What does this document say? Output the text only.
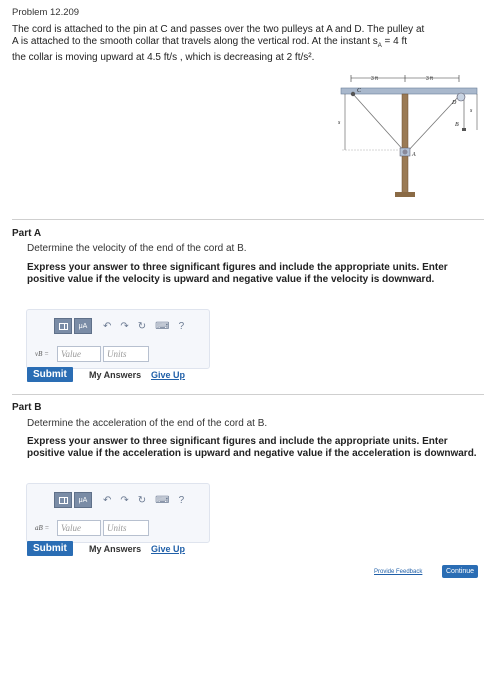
Problem 12.209
The cord is attached to the pin at C and passes over the two pulleys at A and D. The pulley at
A is attached to the smooth collar that travels along the vertical rod. At the instant $s_A = 4$ ft
the collar is moving upward at 4.5 ft/s , which is decreasing at 2 ft/s².
3 ft	3 ft
C
D
A
B
s
s
Part A
Determine the velocity of the end of the cord at B.
Express your answer to three significant figures and include the appropriate units. Enter positive value if the velocity is upward and negative value if the velocity is downward.
μA	↶ ↷ ↻ ⌨ ?
vB =	Value	Units
Submit	My Answers Give Up
Part B
Determine the acceleration of the end of the cord at B.
Express your answer to three significant figures and include the appropriate units. Enter positive value if the acceleration is upward and negative value if the acceleration is downward.
μA	↶ ↷ ↻ ⌨ ?
aB =	Value	Units
Submit	My Answers Give Up
Provide Feedback	Continue
